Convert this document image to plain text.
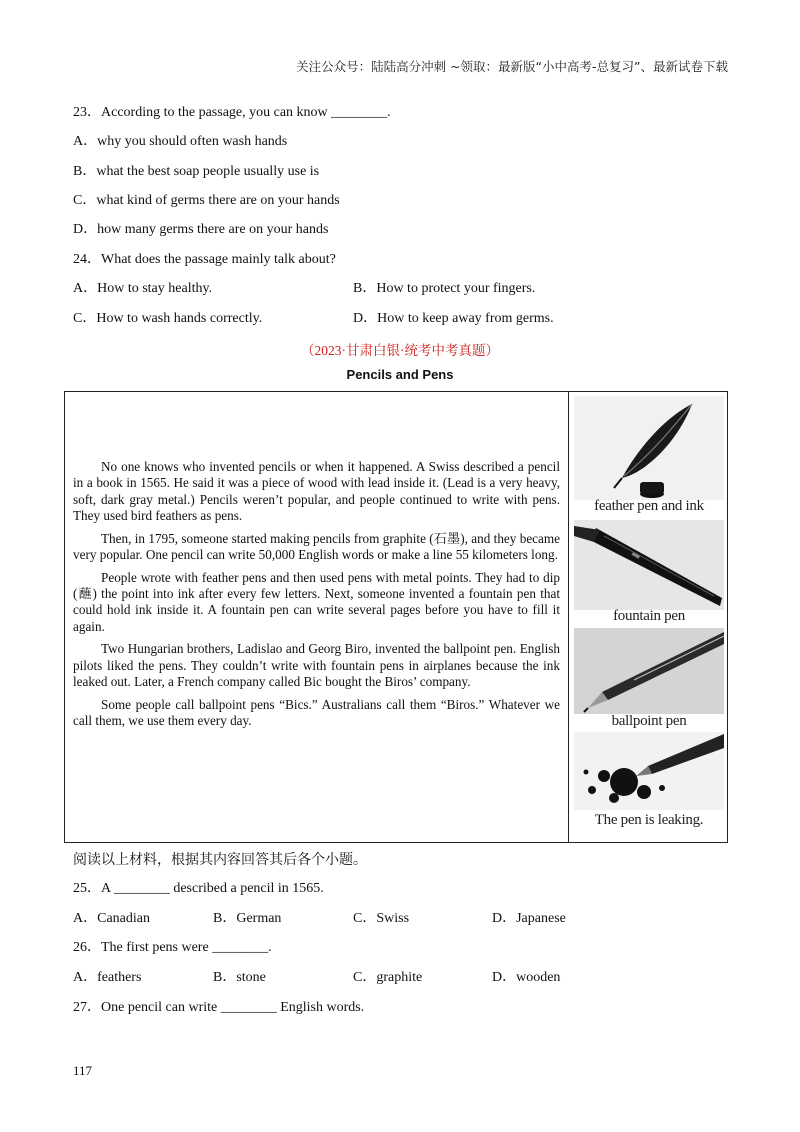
关注公众号：陆陆高分冲刺 ~领取：最新版“小中高考-总复习”、最新试卷下载
23．According to the passage, you can know ________.
A．why you should often wash hands
B．what the best soap people usually use is
C．what kind of germs there are on your hands
D．how many germs there are on your hands
24．What does the passage mainly talk about?
A．How to stay healthy.	B．How to protect your fingers.
C．How to wash hands correctly.	D．How to keep away from germs.
（2023·甘肃白银·统考中考真题）
Pencils and Pens

No one knows who invented pencils or when it happened. A Swiss described a pencil in a book in 1565. He said it was a piece of wood with lead inside it. (Lead is a very heavy, soft, dark gray metal.) Pencils weren’t popular, and people continued to write with pens. They used bird feathers as pens.

Then, in 1795, someone started making pencils from graphite (石墨), and they became very popular. One pencil can write 50,000 English words or make a line 55 kilometers long.

People wrote with feather pens and then used pens with metal points. They had to dip (蘸) the point into ink after every few letters. Next, someone invented a fountain pen that could hold ink inside it. A fountain pen can write several pages before you have to fill it again.

Two Hungarian brothers, Ladislao and Georg Biro, invented the ballpoint pen. English pilots liked the pens. They couldn’t write with fountain pens in airplanes because the ink leaked out. Later, a French company called Bic bought the Biros’ company.

Some people call ballpoint pens “Bics.” Australians call them “Biros.” Whatever we call them, we use them every day.

feather pen and ink
fountain pen
ballpoint pen
The pen is leaking.
阅读以上材料，根据其内容回答其后各个小题。
25．A ________ described a pencil in 1565.
A．Canadian	B．German	C．Swiss	D．Japanese
26．The first pens were ________.
A．feathers	B．stone	C．graphite	D．wooden
27．One pencil can write ________ English words.
117
